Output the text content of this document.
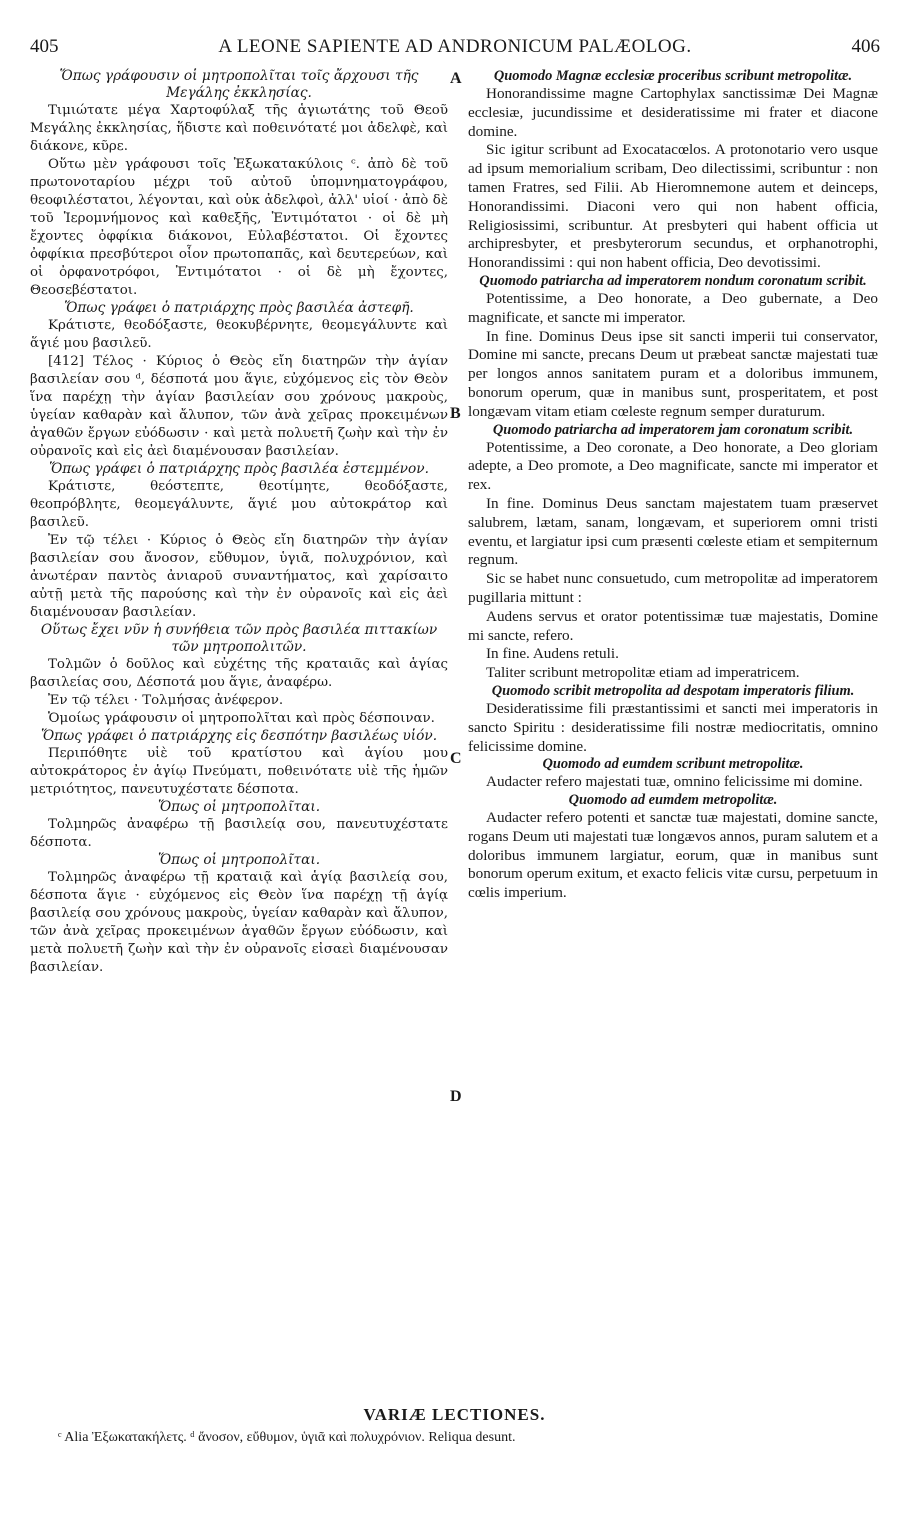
405	A LEONE SAPIENTE AD ANDRONICUM PALÆOLOG.	406

Ὅπως γράφουσιν οἱ μητροπολῖται τοῖς ἄρχουσι τῆς Μεγάλης ἐκκλησίας.

Τιμιώτατε μέγα Χαρτοφύλαξ τῆς ἁγιωτάτης τοῦ Θεοῦ Μεγάλης ἐκκλησίας, ἥδιστε καὶ ποθεινότατέ μοι ἀδελφὲ, καὶ διάκονε, κῦρε.

Οὕτω μὲν γράφουσι τοῖς Ἐξωκατακύλοις ᶜ. ἀπὸ δὲ τοῦ πρωτονοταρίου μέχρι τοῦ αὐτοῦ ὑπομνηματογράφου, θεοφιλέστατοι, λέγονται, καὶ οὐκ ἀδελφοὶ, ἀλλ' υἱοί · ἀπὸ δὲ τοῦ Ἱερομνήμονος καὶ καθεξῆς, Ἐντιμότατοι · οἱ δὲ μὴ ἔχοντες ὀφφίκια διάκονοι, Εὐλαβέστατοι. Οἱ ἔχοντες ὀφφίκια πρεσβύτεροι οἷον πρωτοπαπᾶς, καὶ δευτερεύων, καὶ οἱ ὀρφανοτρόφοι, Ἐντιμότατοι · οἱ δὲ μὴ ἔχοντες, Θεοσεβέστατοι.

Ὅπως γράφει ὁ πατριάρχης πρὸς βασιλέα ἀστεφῆ.

Κράτιστε, θεοδόξαστε, θεοκυβέρνητε, θεομεγάλυντε καὶ ἅγιέ μου βασιλεῦ.

[412] Τέλος · Κύριος ὁ Θεὸς εἴη διατηρῶν τὴν ἁγίαν βασιλείαν σου ᵈ, δέσποτά μου ἅγιε, εὐχόμενος εἰς τὸν Θεὸν ἵνα παρέχῃ τὴν ἁγίαν βασιλείαν σου χρόνους μακροὺς, ὑγείαν καθαρὰν καὶ ἄλυπον, τῶν ἀνὰ χεῖρας προκειμένων ἀγαθῶν ἔργων εὐόδωσιν · καὶ μετὰ πολυετῆ ζωὴν καὶ τὴν ἐν οὐρανοῖς καὶ εἰς ἀεὶ διαμένουσαν βασιλείαν.

Ὅπως γράφει ὁ πατριάρχης πρὸς βασιλέα ἐστεμμένον.

Κράτιστε, θεόστεπτε, θεοτίμητε, θεοδόξαστε, θεοπρόβλητε, θεομεγάλυντε, ἅγιέ μου αὐτοκράτορ καὶ βασιλεῦ.

Ἐν τῷ τέλει · Κύριος ὁ Θεὸς εἴη διατηρῶν τὴν ἁγίαν βασιλείαν σου ἄνοσον, εὔθυμον, ὑγιᾶ, πολυχρόνιον, καὶ ἀνωτέραν παντὸς ἀνιαροῦ συναντήματος, καὶ χαρίσαιτο αὐτῇ μετὰ τῆς παρούσης καὶ τὴν ἐν οὐρανοῖς καὶ εἰς ἀεὶ διαμένουσαν βασιλείαν.

Οὕτως ἔχει νῦν ἡ συνήθεια τῶν πρὸς βασιλέα πιττακίων τῶν μητροπολιτῶν.

Τολμῶν ὁ δοῦλος καὶ εὐχέτης τῆς κραταιᾶς καὶ ἁγίας βασιλείας σου, Δέσποτά μου ἅγιε, ἀναφέρω.

Ἐν τῷ τέλει · Τολμήσας ἀνέφερον.

Ὁμοίως γράφουσιν οἱ μητροπολῖται καὶ πρὸς δέσποιναν.

Ὅπως γράφει ὁ πατριάρχης εἰς δεσπότην βασιλέως υἱόν.

Περιπόθητε υἱὲ τοῦ κρατίστου καὶ ἁγίου μου αὐτοκράτορος ἐν ἁγίῳ Πνεύματι, ποθεινότατε υἱὲ τῆς ἡμῶν μετριότητος, πανευτυχέστατε δέσποτα.

Ὅπως οἱ μητροπολῖται.

Τολμηρῶς ἀναφέρω τῇ βασιλείᾳ σου, πανευτυχέστατε δέσποτα.

Ὅπως οἱ μητροπολῖται.

Τολμηρῶς ἀναφέρω τῇ κραταιᾷ καὶ ἁγίᾳ βασιλείᾳ σου, δέσποτα ἅγιε · εὐχόμενος εἰς Θεὸν ἵνα παρέχῃ τῇ ἁγίᾳ βασιλείᾳ σου χρόνους μακροὺς, ὑγείαν καθαρὰν καὶ ἄλυπον, τῶν ἀνὰ χεῖρας προκειμένων ἀγαθῶν ἔργων εὐόδωσιν, καὶ μετὰ πολυετῆ ζωὴν καὶ τὴν ἐν οὐρανοῖς εἰσαεὶ διαμένουσαν βασιλείαν.

Quomodo Magnæ ecclesiæ proceribus scribunt metropolitæ.

Honorandissime magne Cartophylax sanctissimæ Dei Magnæ ecclesiæ, jucundissime et desideratissime mi frater et diacone domine.

Sic igitur scribunt ad Exocatacœlos. A protonotario vero usque ad ipsum memorialium scribam, Deo dilectissimi, scribuntur : non tamen Fratres, sed Filii. Ab Hieromnemone autem et deinceps, Honorandissimi. Diaconi vero qui non habent officia, Religiosissimi, scribuntur. At presbyteri qui habent officia ut archipresbyter, et presbyterorum secundus, et orphanotrophi, Honorandissimi : qui non habent officia, Deo devotissimi.

Quomodo patriarcha ad imperatorem nondum coronatum scribit.

Potentissime, a Deo honorate, a Deo gubernate, a Deo magnificate, et sancte mi imperator.

In fine. Dominus Deus ipse sit sancti imperii tui conservator, Domine mi sancte, precans Deum ut præbeat sanctæ majestati tuæ per longos annos sanitatem puram et a doloribus immunem, bonorum operum, quæ in manibus sunt, prosperitatem, et post longævam vitam etiam cœleste regnum semper duraturum.

Quomodo patriarcha ad imperatorem jam coronatum scribit.

Potentissime, a Deo coronate, a Deo honorate, a Deo gloriam adepte, a Deo promote, a Deo magnificate, sancte mi imperator et rex.

In fine. Dominus Deus sanctam majestatem tuam præservet salubrem, lætam, sanam, longævam, et superiorem omni tristi eventu, et largiatur ipsi cum præsenti cœleste etiam et sempiternum regnum.

Sic se habet nunc consuetudo, cum metropolitæ ad imperatorem pugillaria mittunt :

Audens servus et orator potentissimæ tuæ majestatis, Domine mi sancte, refero.

In fine. Audens retuli.

Taliter scribunt metropolitæ etiam ad imperatricem.

Quomodo scribit metropolita ad despotam imperatoris filium.

Desideratissime fili præstantissimi et sancti mei imperatoris in sancto Spiritu : desideratissime fili nostræ mediocritatis, omnino felicissime domine.

Quomodo ad eumdem scribunt metropolitæ.

Audacter refero majestati tuæ, omnino felicissime mi domine.

Quomodo ad eumdem metropolitæ.

Audacter refero potenti et sanctæ tuæ majestati, domine sancte, rogans Deum uti majestati tuæ longævos annos, puram salutem et a doloribus immunem largiatur, eorum, quæ in manibus sunt bonorum operum exitum, et exacto felicis vitæ cursu, perpetuum in cœlis imperium.

A
B
C
D
VARIÆ LECTIONES.
ᶜ Alia Ἐξωκατακήλετς. ᵈ ἄνοσον, εὔθυμον, ὑγιᾶ καὶ πολυχρόνιον. Reliqua desunt.
